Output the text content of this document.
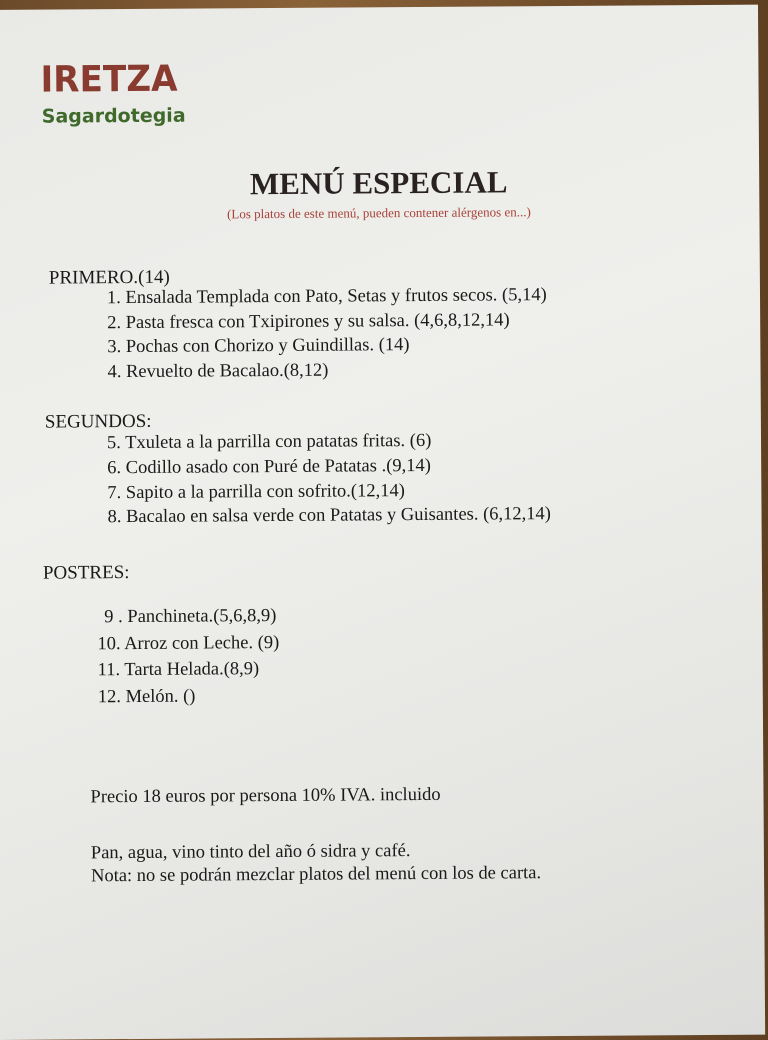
IRETZA
Sagardotegia
MENÚ ESPECIAL
(Los platos de este menú, pueden contener alérgenos en...)
PRIMERO.(14)
1. Ensalada Templada con Pato, Setas y frutos secos. (5,14)
2. Pasta fresca con Txipirones y su salsa. (4,6,8,12,14)
3. Pochas con Chorizo y Guindillas. (14)
4. Revuelto de Bacalao.(8,12)
SEGUNDOS:
5. Txuleta a la parrilla con patatas fritas. (6)
6. Codillo asado con Puré de Patatas .(9,14)
7. Sapito a la parrilla con sofrito.(12,14)
8. Bacalao en salsa verde con Patatas y Guisantes. (6,12,14)
POSTRES:
9 . Panchineta.(5,6,8,9)
10. Arroz con Leche. (9)
11. Tarta Helada.(8,9)
12. Melón. ()
Precio 18 euros por persona 10% IVA. incluido
Pan, agua, vino tinto del año ó sidra y café.
Nota: no se podrán mezclar platos del menú con los de carta.
